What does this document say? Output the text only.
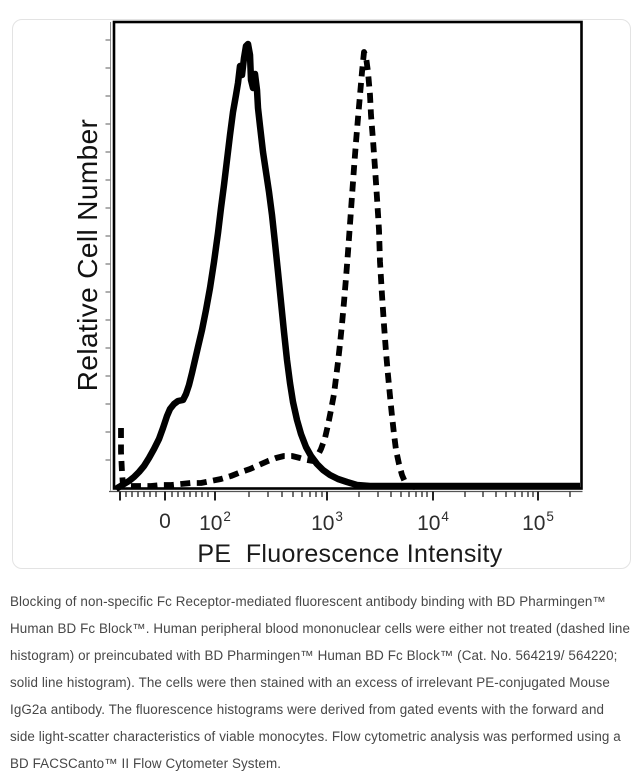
Relative Cell Number
PE  Fluorescence Intensity
0 $10^2$	$10^3$	$10^4$	$10^5$

Blocking of non-specific Fc Receptor-mediated fluorescent antibody binding with BD Pharmingen™ Human BD Fc Block™. Human peripheral blood mononuclear cells were either not treated (dashed line histogram) or preincubated with BD Pharmingen™ Human BD Fc Block™ (Cat. No. 564219/ 564220; solid line histogram). The cells were then stained with an excess of irrelevant PE-conjugated Mouse IgG2a antibody. The fluorescence histograms were derived from gated events with the forward and side light-scatter characteristics of viable monocytes. Flow cytometric analysis was performed using a BD FACSCanto™ II Flow Cytometer System.
